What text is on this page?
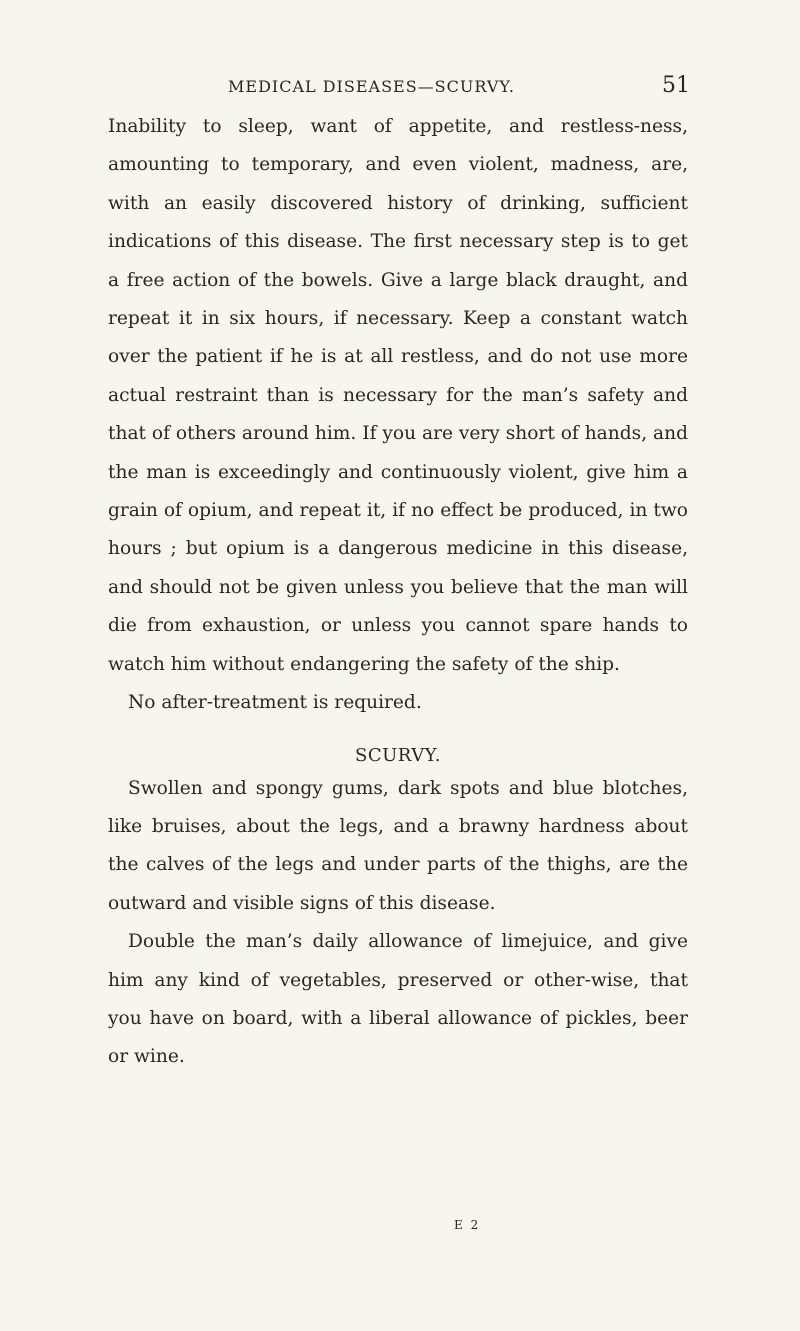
MEDICAL DISEASES—SCURVY.	51

Inability to sleep, want of appetite, and restless-ness, amounting to temporary, and even violent, madness, are, with an easily discovered history of drinking, sufficient indications of this disease. The first necessary step is to get a free action of the bowels. Give a large black draught, and repeat it in six hours, if necessary. Keep a constant watch over the patient if he is at all restless, and do not use more actual restraint than is necessary for the man’s safety and that of others around him. If you are very short of hands, and the man is exceedingly and continuously violent, give him a grain of opium, and repeat it, if no effect be produced, in two hours ; but opium is a dangerous medicine in this disease, and should not be given unless you believe that the man will die from exhaustion, or unless you cannot spare hands to watch him without endangering the safety of the ship.

No after-treatment is required.

SCURVY.

Swollen and spongy gums, dark spots and blue blotches, like bruises, about the legs, and a brawny hardness about the calves of the legs and under parts of the thighs, are the outward and visible signs of this disease.

Double the man’s daily allowance of limejuice, and give him any kind of vegetables, preserved or other-wise, that you have on board, with a liberal allowance of pickles, beer or wine.

E 2
